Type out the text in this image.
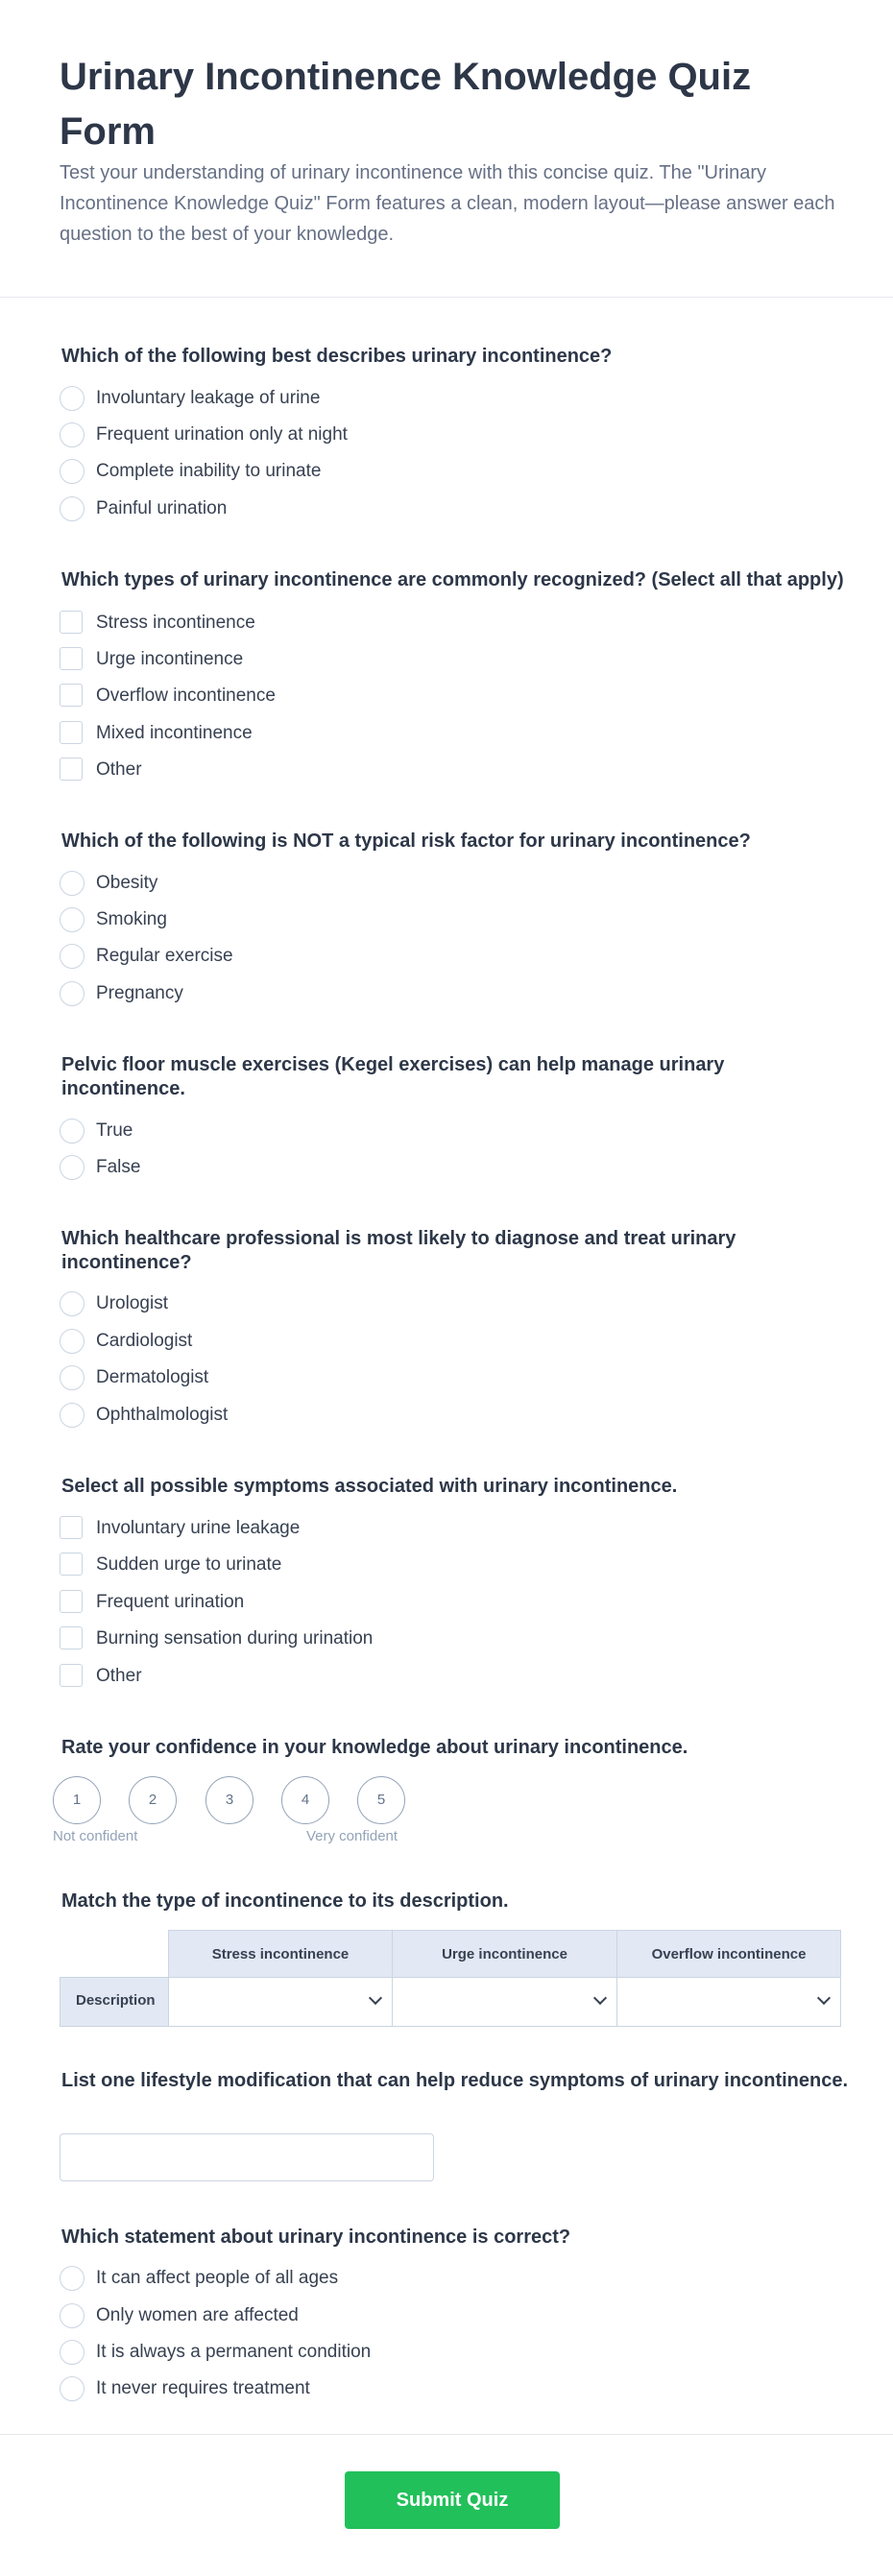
Urinary Incontinence Knowledge Quiz Form

Test your understanding of urinary incontinence with this concise quiz. The "Urinary Incontinence Knowledge Quiz" Form features a clean, modern layout—please answer each question to the best of your knowledge.

Which of the following best describes urinary incontinence?
Involuntary leakage of urine
Frequent urination only at night
Complete inability to urinate
Painful urination
Which types of urinary incontinence are commonly recognized? (Select all that apply)
Stress incontinence
Urge incontinence
Overflow incontinence
Mixed incontinence
Other
Which of the following is NOT a typical risk factor for urinary incontinence?
Obesity
Smoking
Regular exercise
Pregnancy
Pelvic floor muscle exercises (Kegel exercises) can help manage urinary incontinence.
True
False
Which healthcare professional is most likely to diagnose and treat urinary incontinence?
Urologist
Cardiologist
Dermatologist
Ophthalmologist
Select all possible symptoms associated with urinary incontinence.
Involuntary urine leakage
Sudden urge to urinate
Frequent urination
Burning sensation during urination
Other
Rate your confidence in your knowledge about urinary incontinence.
1	2	3	4	5
Not confident	Very confident
Match the type of incontinence to its description.
Stress incontinence	Urge incontinence	Overflow incontinence
Description
List one lifestyle modification that can help reduce symptoms of urinary incontinence.
Which statement about urinary incontinence is correct?
It can affect people of all ages
Only women are affected
It is always a permanent condition
It never requires treatment
Submit Quiz
